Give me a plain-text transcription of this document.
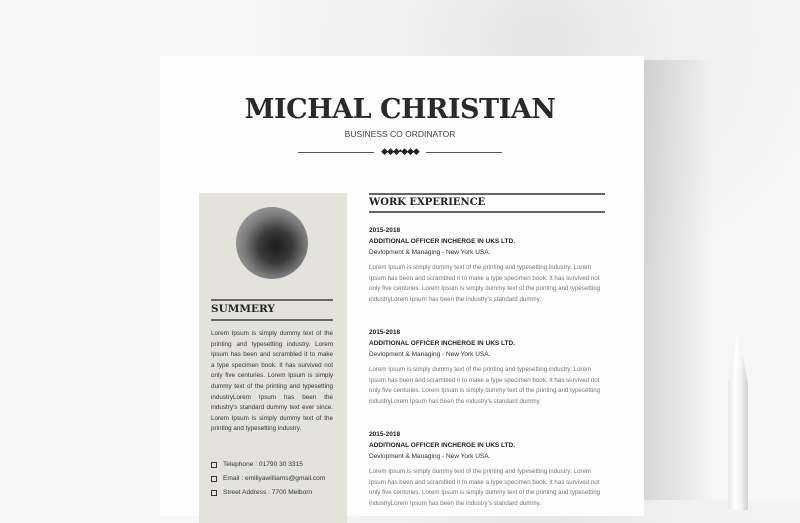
MICHAL CHRISTIAN
BUSINESS CO ORDINATOR
◆◆◆•◆◆◆
SUMMERY
Lorem Ipsum is simply dummy text of the printing and typesetting industry. Lorem Ipsum has been and scrambled it to make a type specimen book. It has survived not only five centuries. Lorem Ipsum is simply dummy text of the printing and typesetting industryLorem Ipsum has been the industry's standard dummy text ever since. Lorem Ipsum is simply dummy text of the printing and typesetting industry.
Telephone : 01790 30 3315
Email : emiliyawilliams@gmail.com
Street Address : 7700 Melborn
WORK EXPERIENCE
2015-2018
ADDITIONAL OFFICER INCHERGE IN UKS LTD.
Devlopment & Managing - New York USA.
Lorem Ipsum is simply dummy text of the printing and typesetting industry. Lorem Ipsum has been and scrambled it to make a type specimen book. It has survived not only five centuries. Lorem Ipsum is simply dummy text of the printing and typesetting industryLorem Ipsum has been the industry's standard dummy.
2015-2018
ADDITIONAL OFFICER INCHERGE IN UKS LTD.
Devlopment & Managing - New York USA.
Lorem Ipsum is simply dummy text of the printing and typesetting industry. Lorem Ipsum has been and scrambled it to make a type specimen book. It has survived not only five centuries. Lorem Ipsum is simply dummy text of the printing and typesetting industryLorem Ipsum has been the industry's standard dummy.
2015-2018
ADDITIONAL OFFICER INCHERGE IN UKS LTD.
Devlopment & Managing - New York USA.
Lorem Ipsum is simply dummy text of the printing and typesetting industry. Lorem Ipsum has been and scrambled it to make a type specimen book. It has survived not only five centuries. Lorem Ipsum is simply dummy text of the printing and typesetting industryLorem Ipsum has been the industry's standard dummy.
